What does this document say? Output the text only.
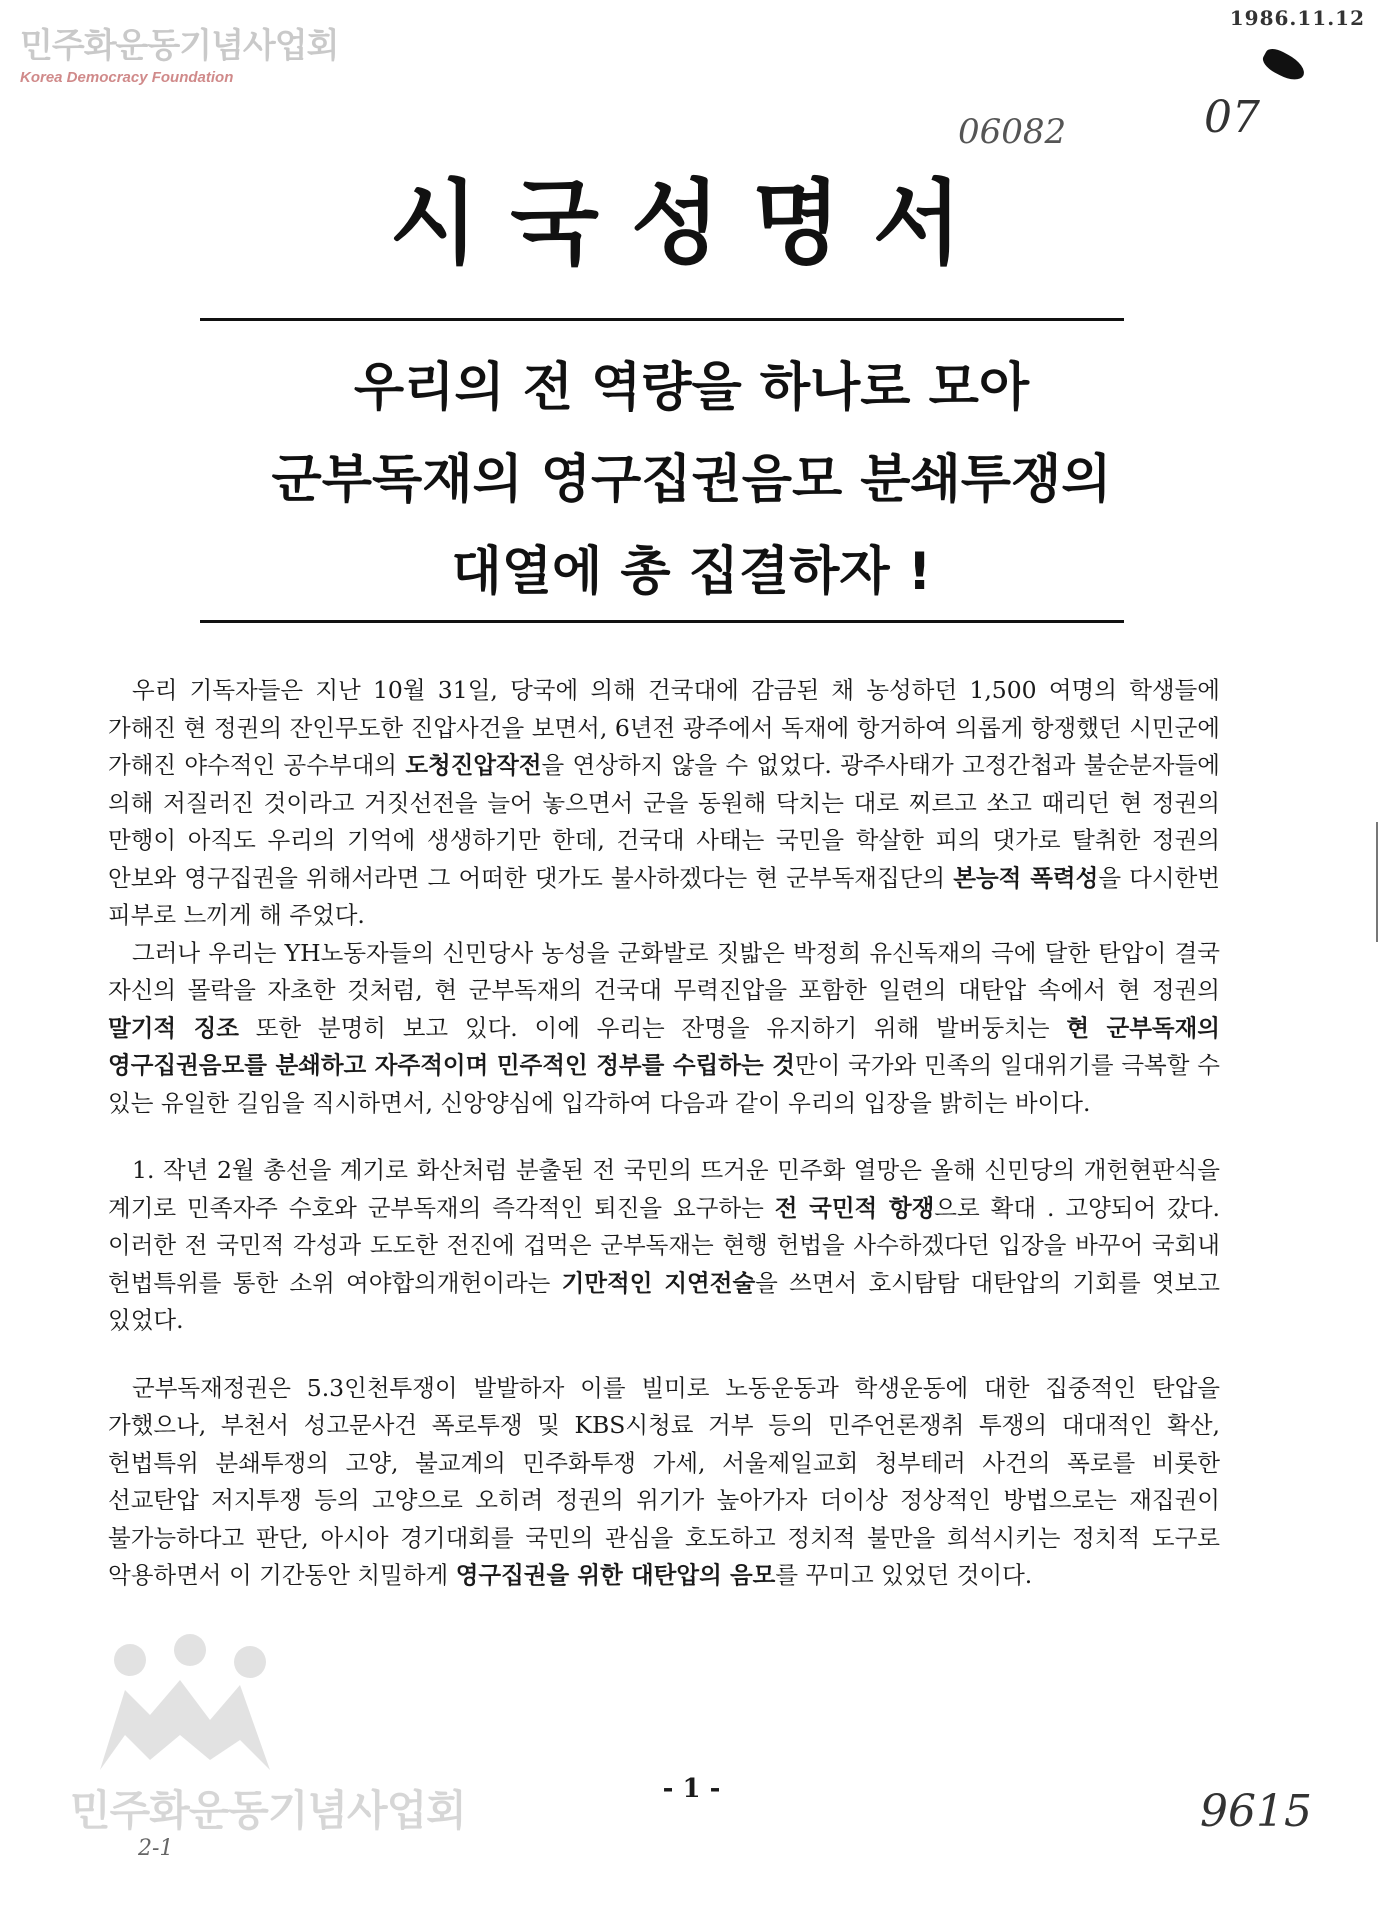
민주화운동기념사업회
Korea Democracy Foundation
1986.11.12
06082	07
시국성명서
우리의 전 역량을 하나로 모아
군부독재의 영구집권음모 분쇄투쟁의
대열에 총 집결하자 !

우리 기독자들은 지난 10월 31일, 당국에 의해 건국대에 감금된 채 농성하던 1,500 여명의 학생들에 가해진 현 정권의 잔인무도한 진압사건을 보면서, 6년전 광주에서 독재에 항거하여 의롭게 항쟁했던 시민군에 가해진 야수적인 공수부대의 도청진압작전을 연상하지 않을 수 없었다. 광주사태가 고정간첩과 불순분자들에 의해 저질러진 것이라고 거짓선전을 늘어 놓으면서 군을 동원해 닥치는 대로 찌르고 쏘고 때리던 현 정권의 만행이 아직도 우리의 기억에 생생하기만 한데, 건국대 사태는 국민을 학살한 피의 댓가로 탈취한 정권의 안보와 영구집권을 위해서라면 그 어떠한 댓가도 불사하겠다는 현 군부독재집단의 본능적 폭력성을 다시한번 피부로 느끼게 해 주었다.

그러나 우리는 YH노동자들의 신민당사 농성을 군화발로 짓밟은 박정희 유신독재의 극에 달한 탄압이 결국 자신의 몰락을 자초한 것처럼, 현 군부독재의 건국대 무력진압을 포함한 일련의 대탄압 속에서 현 정권의 말기적 징조 또한 분명히 보고 있다. 이에 우리는 잔명을 유지하기 위해 발버둥치는 현 군부독재의 영구집권음모를 분쇄하고 자주적이며 민주적인 정부를 수립하는 것만이 국가와 민족의 일대위기를 극복할 수 있는 유일한 길임을 직시하면서, 신앙양심에 입각하여 다음과 같이 우리의 입장을 밝히는 바이다.

1. 작년 2월 총선을 계기로 화산처럼 분출된 전 국민의 뜨거운 민주화 열망은 올해 신민당의 개헌현판식을 계기로 민족자주 수호와 군부독재의 즉각적인 퇴진을 요구하는 전 국민적 항쟁으로 확대 . 고양되어 갔다. 이러한 전 국민적 각성과 도도한 전진에 겁먹은 군부독재는 현행 헌법을 사수하겠다던 입장을 바꾸어 국회내 헌법특위를 통한 소위 여야합의개헌이라는 기만적인 지연전술을 쓰면서 호시탐탐 대탄압의 기회를 엿보고 있었다.

군부독재정권은 5.3인천투쟁이 발발하자 이를 빌미로 노동운동과 학생운동에 대한 집중적인 탄압을 가했으나, 부천서 성고문사건 폭로투쟁 및 KBS시청료 거부 등의 민주언론쟁취 투쟁의 대대적인 확산, 헌법특위 분쇄투쟁의 고양, 불교계의 민주화투쟁 가세, 서울제일교회 청부테러 사건의 폭로를 비롯한 선교탄압 저지투쟁 등의 고양으로 오히려 정권의 위기가 높아가자 더이상 정상적인 방법으로는 재집권이 불가능하다고 판단, 아시아 경기대회를 국민의 관심을 호도하고 정치적 불만을 희석시키는 정치적 도구로 악용하면서 이 기간동안 치밀하게 영구집권을 위한 대탄압의 음모를 꾸미고 있었던 것이다.

민주화운동기념사업회	- 1 -	9615
2-1
